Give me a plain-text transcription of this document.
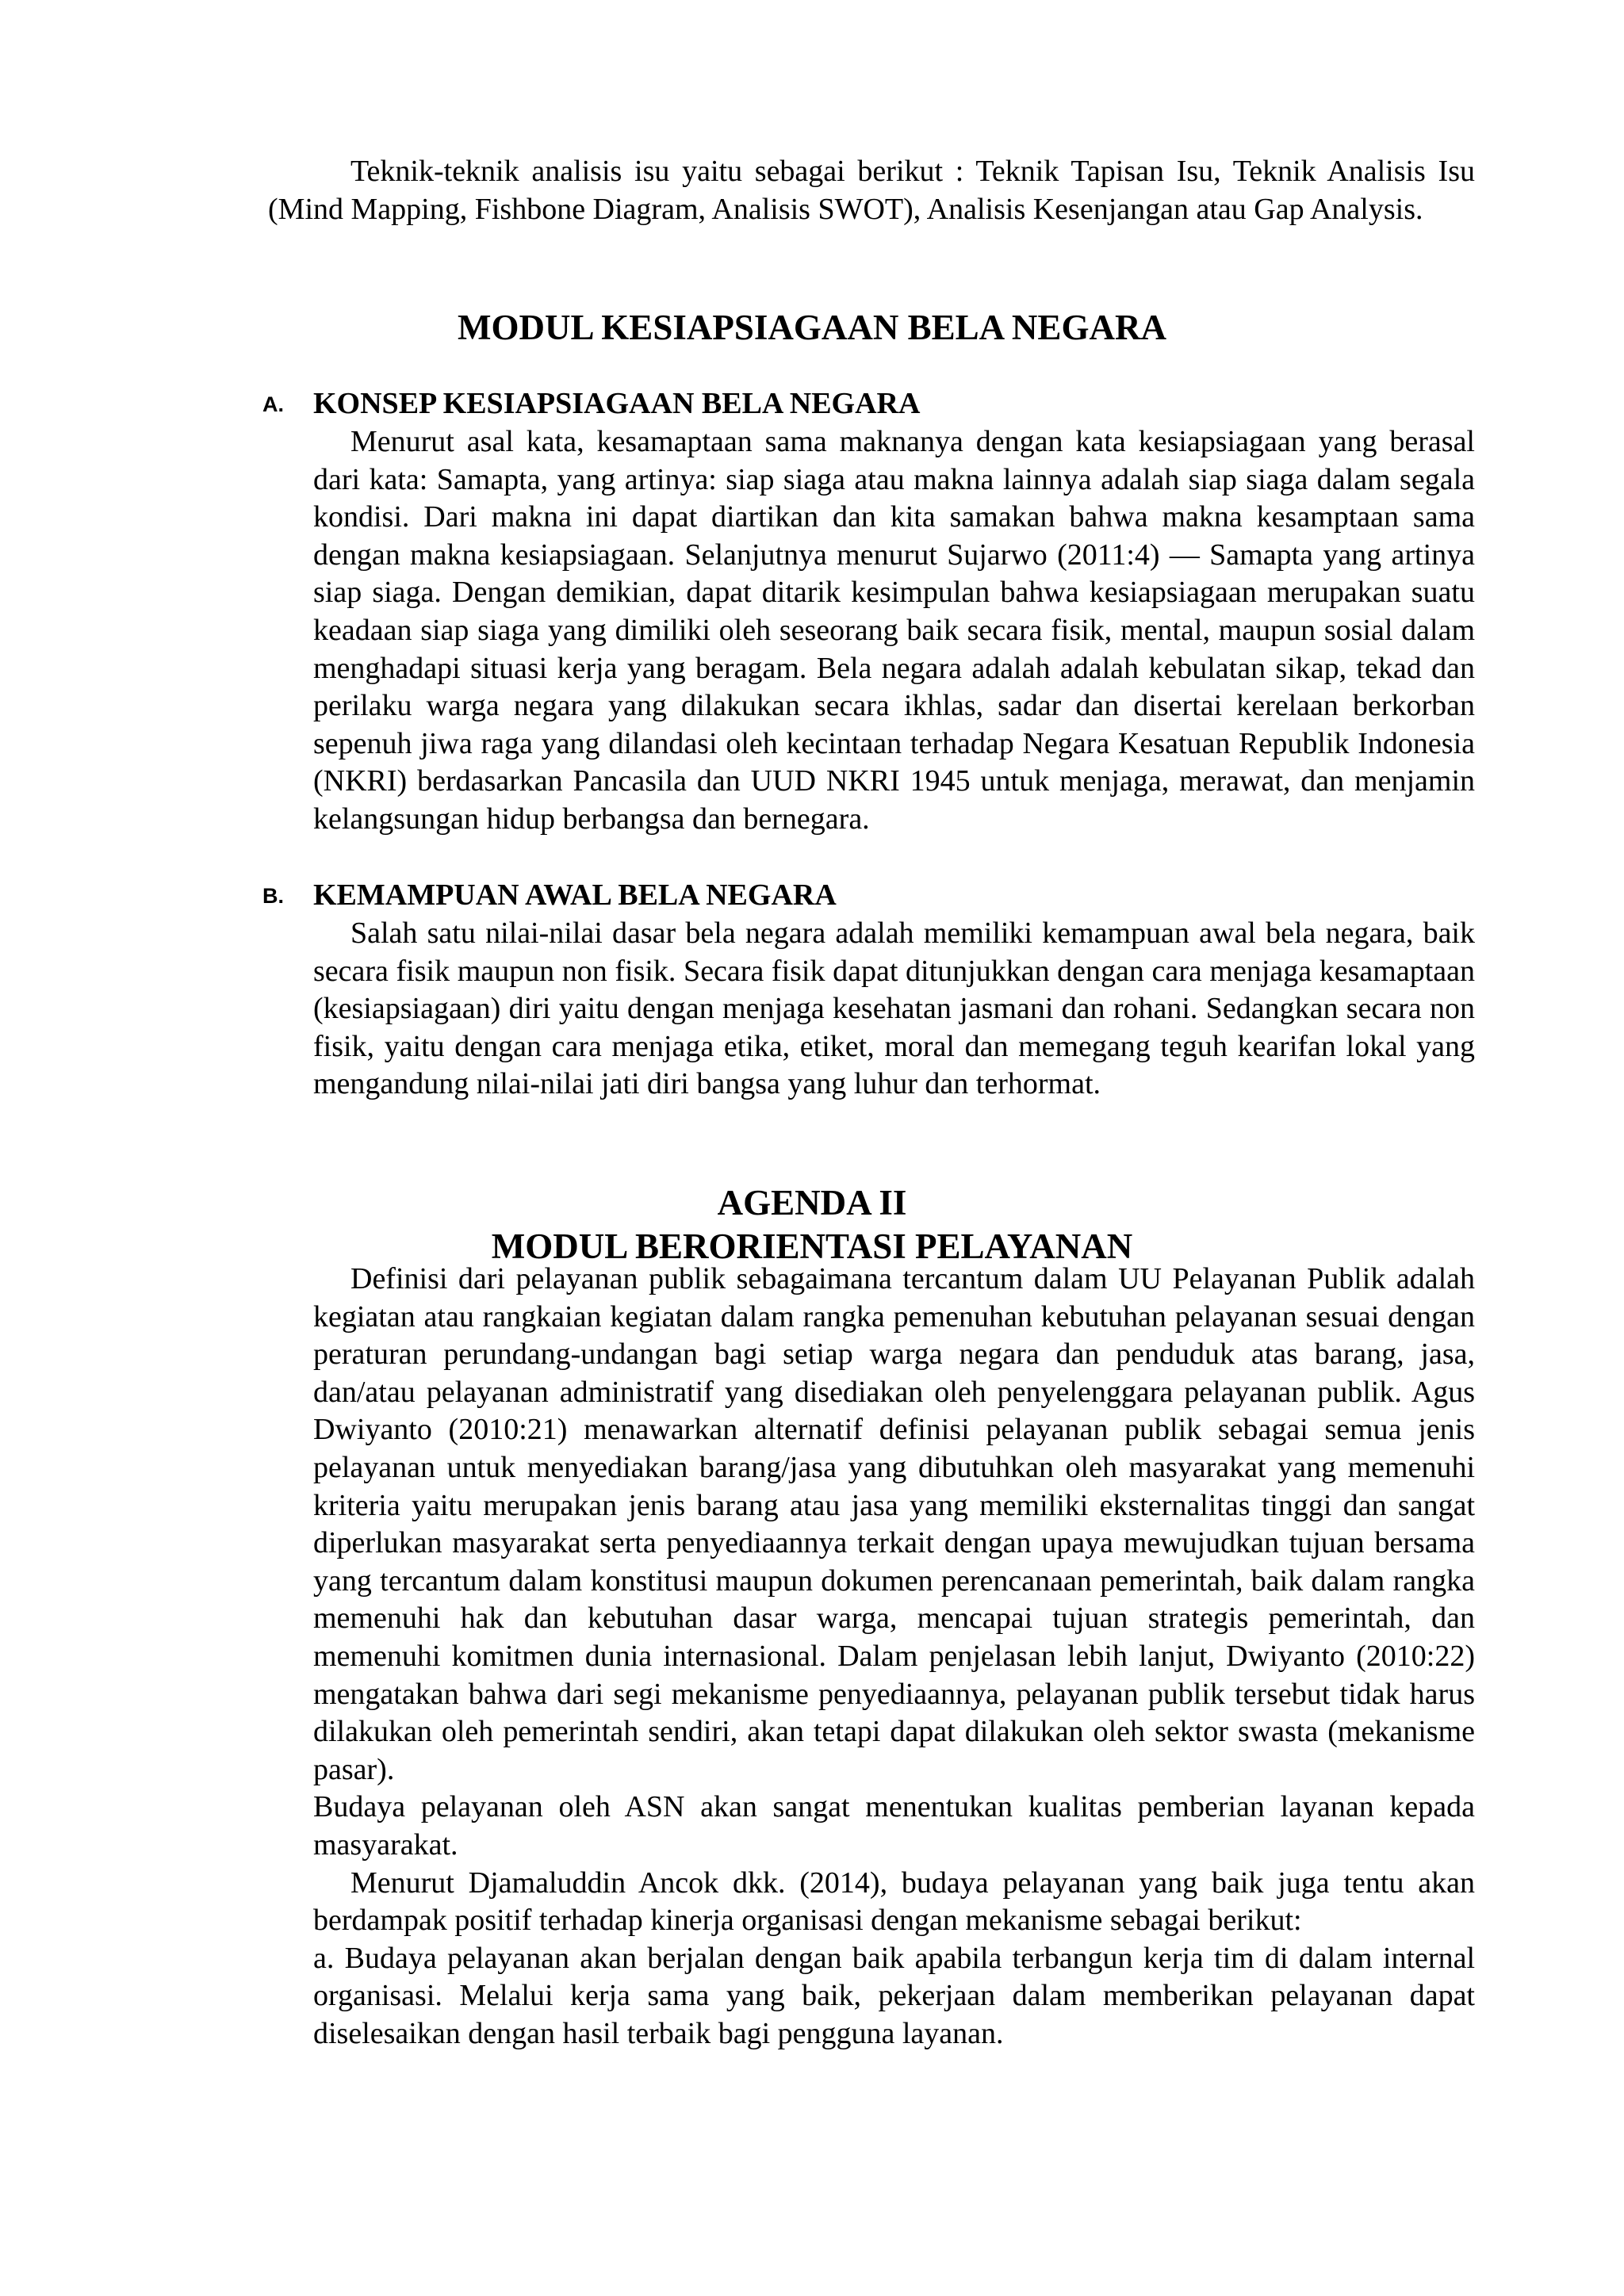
Teknik-teknik analisis isu yaitu sebagai berikut : Teknik Tapisan Isu, Teknik Analisis Isu (Mind Mapping, Fishbone Diagram, Analisis SWOT), Analisis Kesenjangan atau Gap Analysis.

MODUL KESIAPSIAGAAN BELA NEGARA
A. KONSEP KESIAPSIAGAAN BELA NEGARA

Menurut asal kata, kesamaptaan sama maknanya dengan kata kesiapsiagaan yang berasal dari kata: Samapta, yang artinya: siap siaga atau makna lainnya adalah siap siaga dalam segala kondisi. Dari makna ini dapat diartikan dan kita samakan bahwa makna kesamptaan sama dengan makna kesiapsiagaan. Selanjutnya menurut Sujarwo (2011:4) ― Samapta yang artinya siap siaga. Dengan demikian, dapat ditarik kesimpulan bahwa kesiapsiagaan merupakan suatu keadaan siap siaga yang dimiliki oleh seseorang baik secara fisik, mental, maupun sosial dalam menghadapi situasi kerja yang beragam. Bela negara adalah adalah kebulatan sikap, tekad dan perilaku warga negara yang dilakukan secara ikhlas, sadar dan disertai kerelaan berkorban sepenuh jiwa raga yang dilandasi oleh kecintaan terhadap Negara Kesatuan Republik Indonesia (NKRI) berdasarkan Pancasila dan UUD NKRI 1945 untuk menjaga, merawat, dan menjamin kelangsungan hidup berbangsa dan bernegara.

B. KEMAMPUAN AWAL BELA NEGARA

Salah satu nilai-nilai dasar bela negara adalah memiliki kemampuan awal bela negara, baik secara fisik maupun non fisik. Secara fisik dapat ditunjukkan dengan cara menjaga kesamaptaan (kesiapsiagaan) diri yaitu dengan menjaga kesehatan jasmani dan rohani. Sedangkan secara non fisik, yaitu dengan cara menjaga etika, etiket, moral dan memegang teguh kearifan lokal yang mengandung nilai-nilai jati diri bangsa yang luhur dan terhormat.

AGENDA II
MODUL BERORIENTASI PELAYANAN

Definisi dari pelayanan publik sebagaimana tercantum dalam UU Pelayanan Publik adalah kegiatan atau rangkaian kegiatan dalam rangka pemenuhan kebutuhan pelayanan sesuai dengan peraturan perundang-undangan bagi setiap warga negara dan penduduk atas barang, jasa, dan/atau pelayanan administratif yang disediakan oleh penyelenggara pelayanan publik. Agus Dwiyanto (2010:21) menawarkan alternatif definisi pelayanan publik sebagai semua jenis pelayanan untuk menyediakan barang/jasa yang dibutuhkan oleh masyarakat yang memenuhi kriteria yaitu merupakan jenis barang atau jasa yang memiliki eksternalitas tinggi dan sangat diperlukan masyarakat serta penyediaannya terkait dengan upaya mewujudkan tujuan bersama yang tercantum dalam konstitusi maupun dokumen perencanaan pemerintah, baik dalam rangka memenuhi hak dan kebutuhan dasar warga, mencapai tujuan strategis pemerintah, dan memenuhi komitmen dunia internasional. Dalam penjelasan lebih lanjut, Dwiyanto (2010:22) mengatakan bahwa dari segi mekanisme penyediaannya, pelayanan publik tersebut tidak harus dilakukan oleh pemerintah sendiri, akan tetapi dapat dilakukan oleh sektor swasta (mekanisme pasar).

Budaya pelayanan oleh ASN akan sangat menentukan kualitas pemberian layanan kepada masyarakat.

Menurut Djamaluddin Ancok dkk. (2014), budaya pelayanan yang baik juga tentu akan berdampak positif terhadap kinerja organisasi dengan mekanisme sebagai berikut:

a. Budaya pelayanan akan berjalan dengan baik apabila terbangun kerja tim di dalam internal organisasi. Melalui kerja sama yang baik, pekerjaan dalam memberikan pelayanan dapat diselesaikan dengan hasil terbaik bagi pengguna layanan.
